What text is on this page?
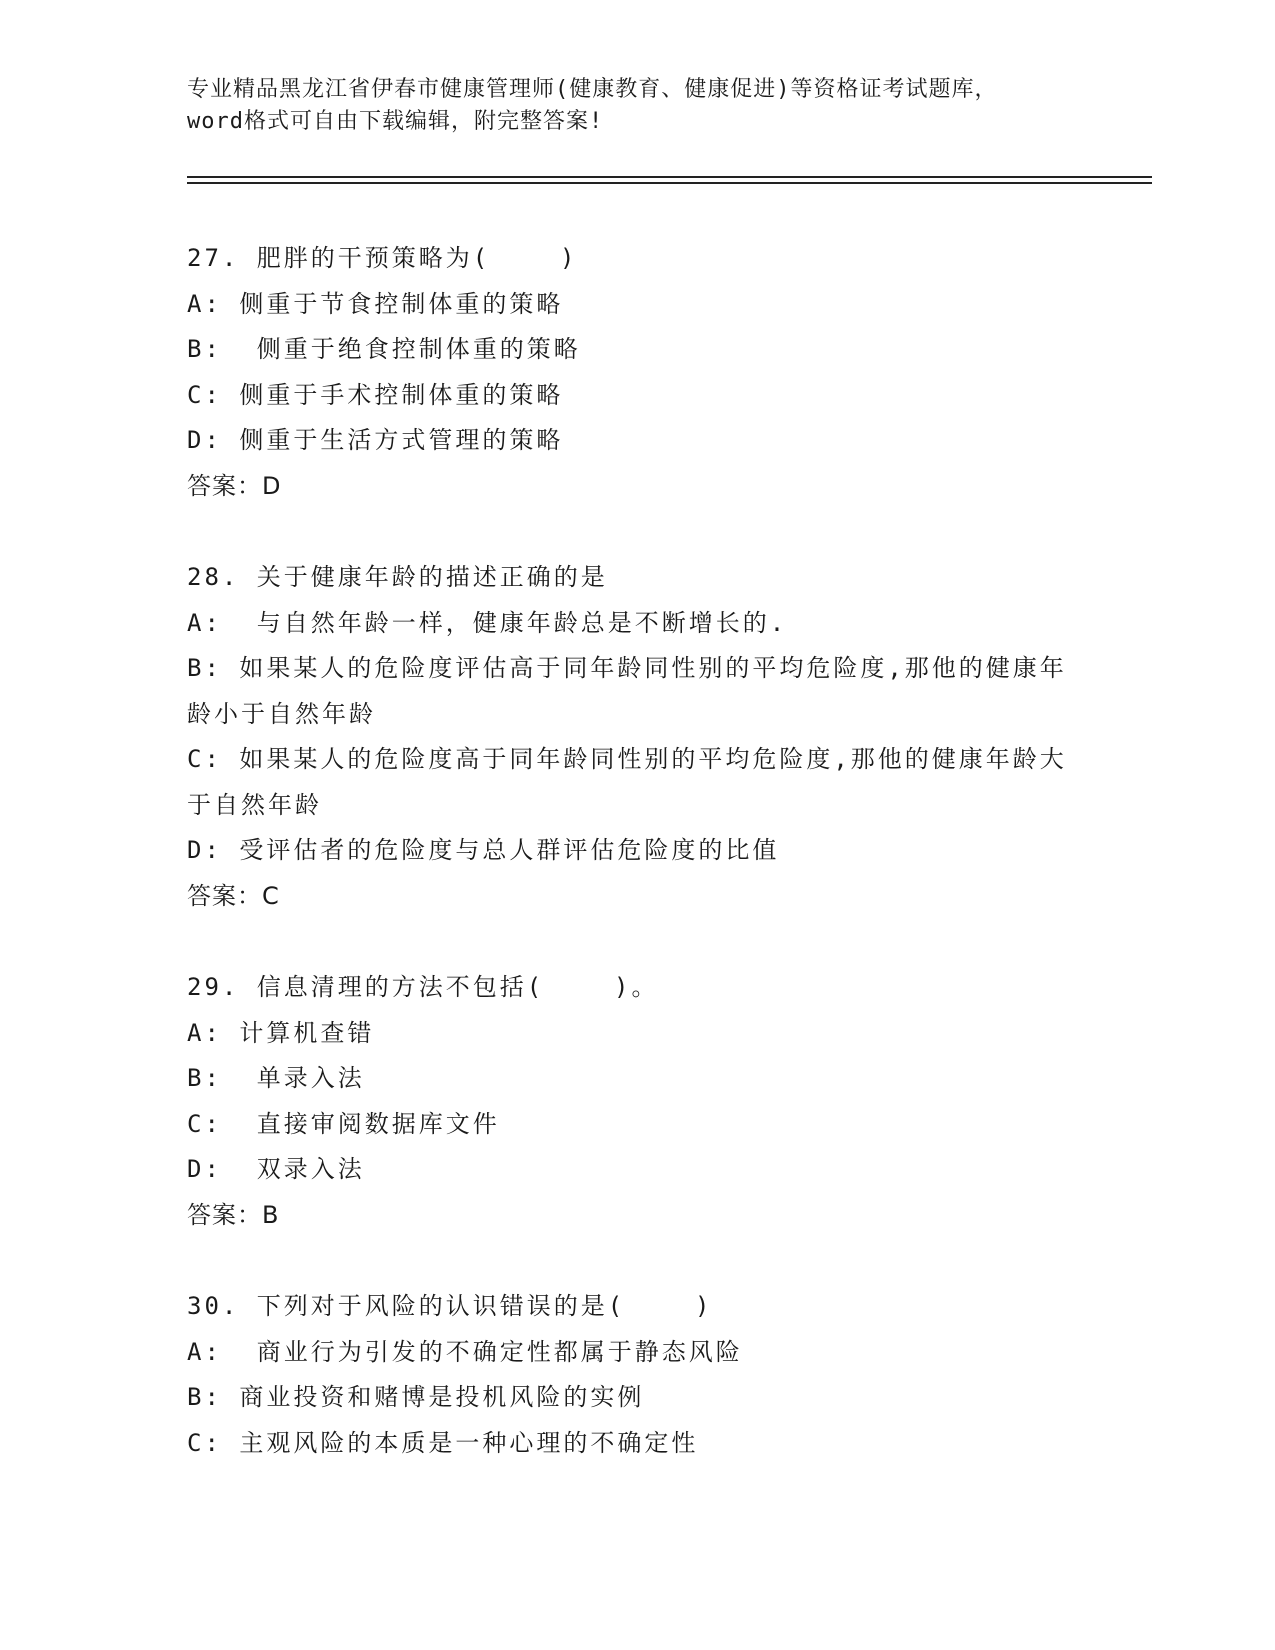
专业精品黑龙江省伊春市健康管理师(健康教育、健康促进)等资格证考试题库，
word格式可自由下载编辑，附完整答案!
27. 肥胖的干预策略为(    )
A: 侧重于节食控制体重的策略
B:  侧重于绝食控制体重的策略
C: 侧重于手术控制体重的策略
D: 侧重于生活方式管理的策略
答案：D
28. 关于健康年龄的描述正确的是
A:  与自然年龄一样，健康年龄总是不断增长的.
B: 如果某人的危险度评估高于同年龄同性别的平均危险度,那他的健康年龄小于自然年龄
C: 如果某人的危险度高于同年龄同性别的平均危险度,那他的健康年龄大于自然年龄
D: 受评估者的危险度与总人群评估危险度的比值
答案：C
29. 信息清理的方法不包括(    )。
A: 计算机查错
B:  单录入法
C:  直接审阅数据库文件
D:  双录入法
答案：B
30. 下列对于风险的认识错误的是(    )
A:  商业行为引发的不确定性都属于静态风险
B: 商业投资和赌博是投机风险的实例
C: 主观风险的本质是一种心理的不确定性
